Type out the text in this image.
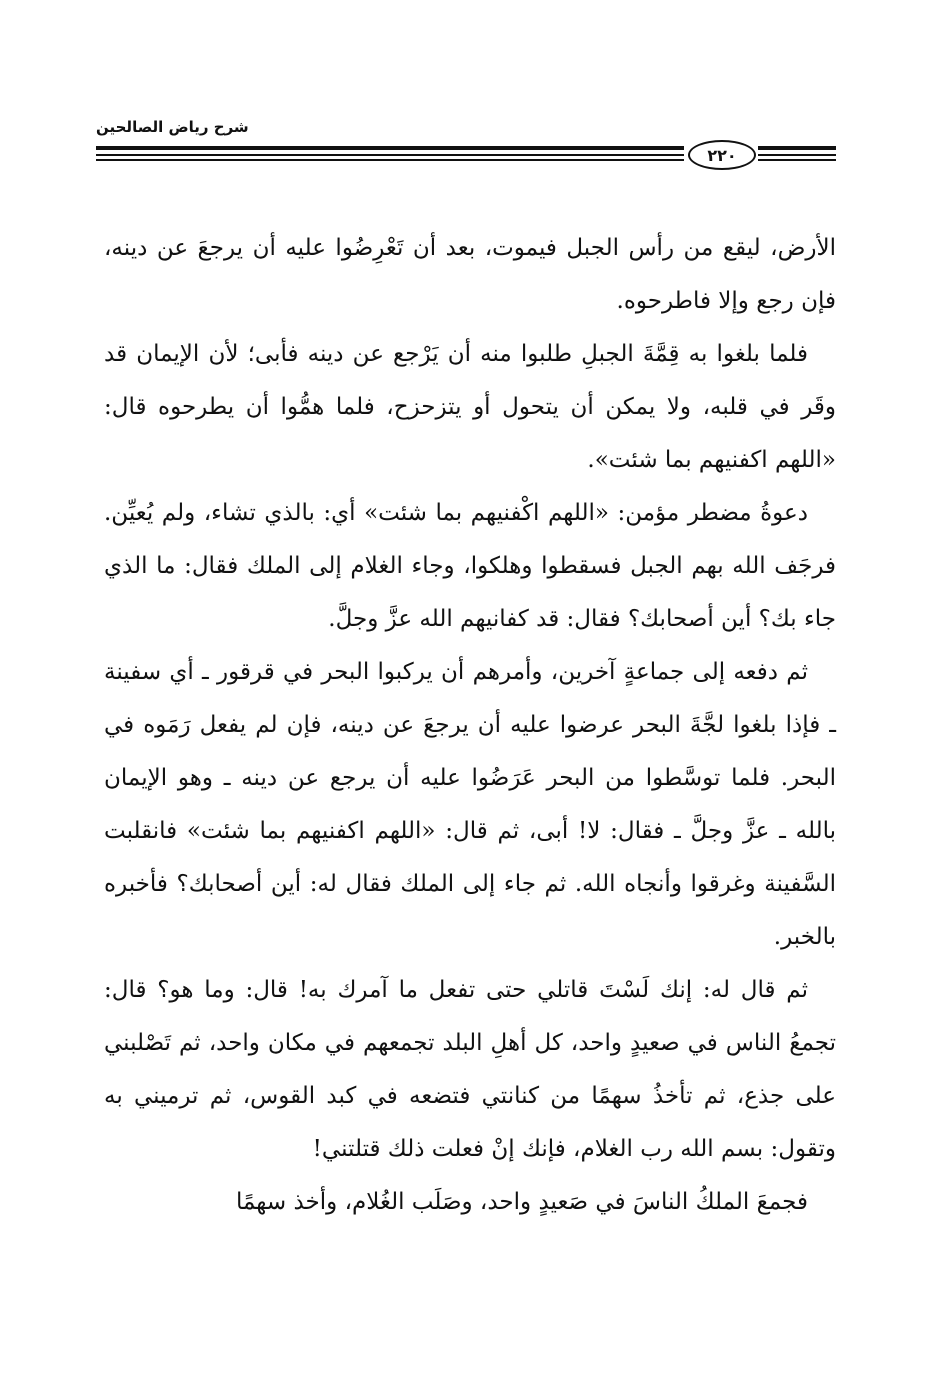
شرح رياض الصالحين
٢٢٠

الأرض، ليقع من رأس الجبل فيموت، بعد أن تَعْرِضُوا عليه أن يرجعَ عن دينه، فإن رجع وإلا فاطرحوه.

فلما بلغوا به قِمَّةَ الجبلِ طلبوا منه أن يَرْجع عن دينه فأبى؛ لأن الإيمان قد وقَر في قلبه، ولا يمكن أن يتحول أو يتزحزح، فلما همُّوا أن يطرحوه قال: «اللهم اكفنيهم بما شئت».

دعوةُ مضطر مؤمن: «اللهم اكْفنيهم بما شئت» أي: بالذي تشاء، ولم يُعيِّن. فرجَف الله بهم الجبل فسقطوا وهلكوا، وجاء الغلام إلى الملك فقال: ما الذي جاء بك؟ أين أصحابك؟ فقال: قد كفانيهم الله عزَّ وجلَّ.

ثم دفعه إلى جماعةٍ آخرين، وأمرهم أن يركبوا البحر في قرقور ـ أي سفينة ـ فإذا بلغوا لجَّةَ البحر عرضوا عليه أن يرجعَ عن دينه، فإن لم يفعل رَمَوه في البحر. فلما توسَّطوا من البحر عَرَضُوا عليه أن يرجع عن دينه ـ وهو الإيمان بالله ـ عزَّ وجلَّ ـ فقال: لا! أبى، ثم قال: «اللهم اكفنيهم بما شئت» فانقلبت السَّفينة وغرقوا وأنجاه الله. ثم جاء إلى الملك فقال له: أين أصحابك؟ فأخبره بالخبر.

ثم قال له: إنك لَسْتَ قاتلي حتى تفعل ما آمرك به! قال: وما هو؟ قال: تجمعُ الناس في صعيدٍ واحد، كل أهلِ البلد تجمعهم في مكان واحد، ثم تَصْلبني على جذع، ثم تأخذُ سهمًا من كنانتي فتضعه في كبد القوس، ثم ترميني به وتقول: بسم الله رب الغلام، فإنك إنْ فعلت ذلك قتلتني!

فجمعَ الملكُ الناسَ في صَعيدٍ واحد، وصَلَب الغُلام، وأخذ سهمًا
